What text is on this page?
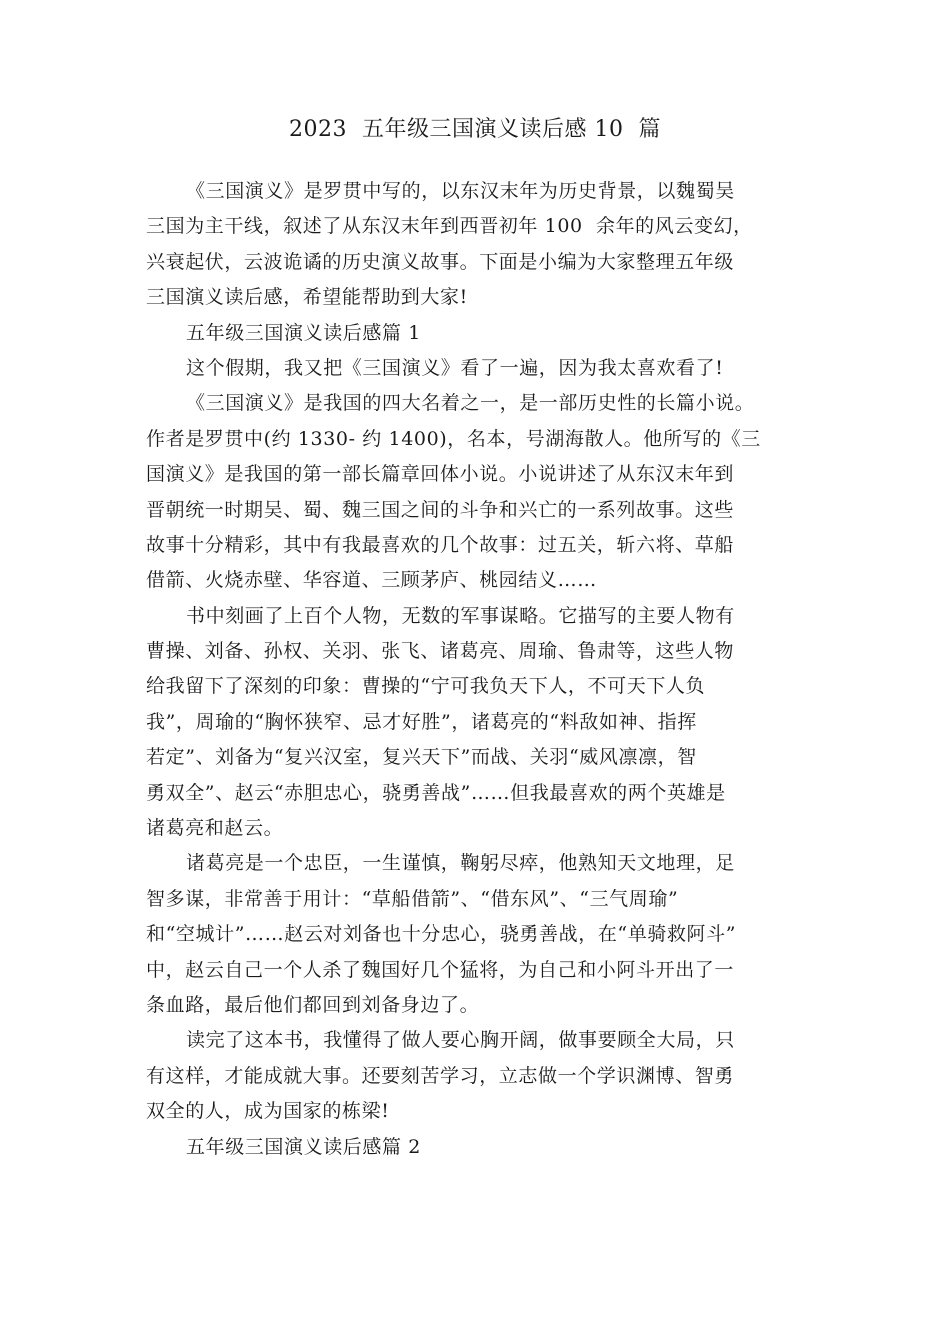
2023  五年级三国演义读后感 10  篇
《三国演义》是罗贯中写的，以东汉末年为历史背景，以魏蜀吴
三国为主干线，叙述了从东汉末年到西晋初年 100  余年的风云变幻，
兴衰起伏，云波诡谲的历史演义故事。下面是小编为大家整理五年级
三国演义读后感，希望能帮助到大家!
五年级三国演义读后感篇 1
这个假期，我又把《三国演义》看了一遍，因为我太喜欢看了!
《三国演义》是我国的四大名着之一，是一部历史性的长篇小说。
作者是罗贯中(约 1330- 约 1400)，名本，号湖海散人。他所写的《三
国演义》是我国的第一部长篇章回体小说。小说讲述了从东汉末年到
晋朝统一时期吴、蜀、魏三国之间的斗争和兴亡的一系列故事。这些
故事十分精彩，其中有我最喜欢的几个故事：过五关，斩六将、草船
借箭、火烧赤壁、华容道、三顾茅庐、桃园结义……
书中刻画了上百个人物，无数的军事谋略。它描写的主要人物有
曹操、刘备、孙权、关羽、张飞、诸葛亮、周瑜、鲁肃等，这些人物
给我留下了深刻的印象：曹操的“宁可我负天下人，不可天下人负
我”，周瑜的“胸怀狭窄、忌才好胜”，诸葛亮的“料敌如神、指挥
若定”、刘备为“复兴汉室，复兴天下”而战、关羽“威风凛凛，智
勇双全”、赵云“赤胆忠心，骁勇善战”……但我最喜欢的两个英雄是
诸葛亮和赵云。
诸葛亮是一个忠臣，一生谨慎，鞠躬尽瘁，他熟知天文地理，足
智多谋，非常善于用计：“草船借箭”、“借东风”、“三气周瑜”
和“空城计”……赵云对刘备也十分忠心，骁勇善战，在“单骑救阿斗”
中，赵云自己一个人杀了魏国好几个猛将，为自己和小阿斗开出了一
条血路，最后他们都回到刘备身边了。
读完了这本书，我懂得了做人要心胸开阔，做事要顾全大局，只
有这样，才能成就大事。还要刻苦学习，立志做一个学识渊博、智勇
双全的人，成为国家的栋梁!
五年级三国演义读后感篇 2
